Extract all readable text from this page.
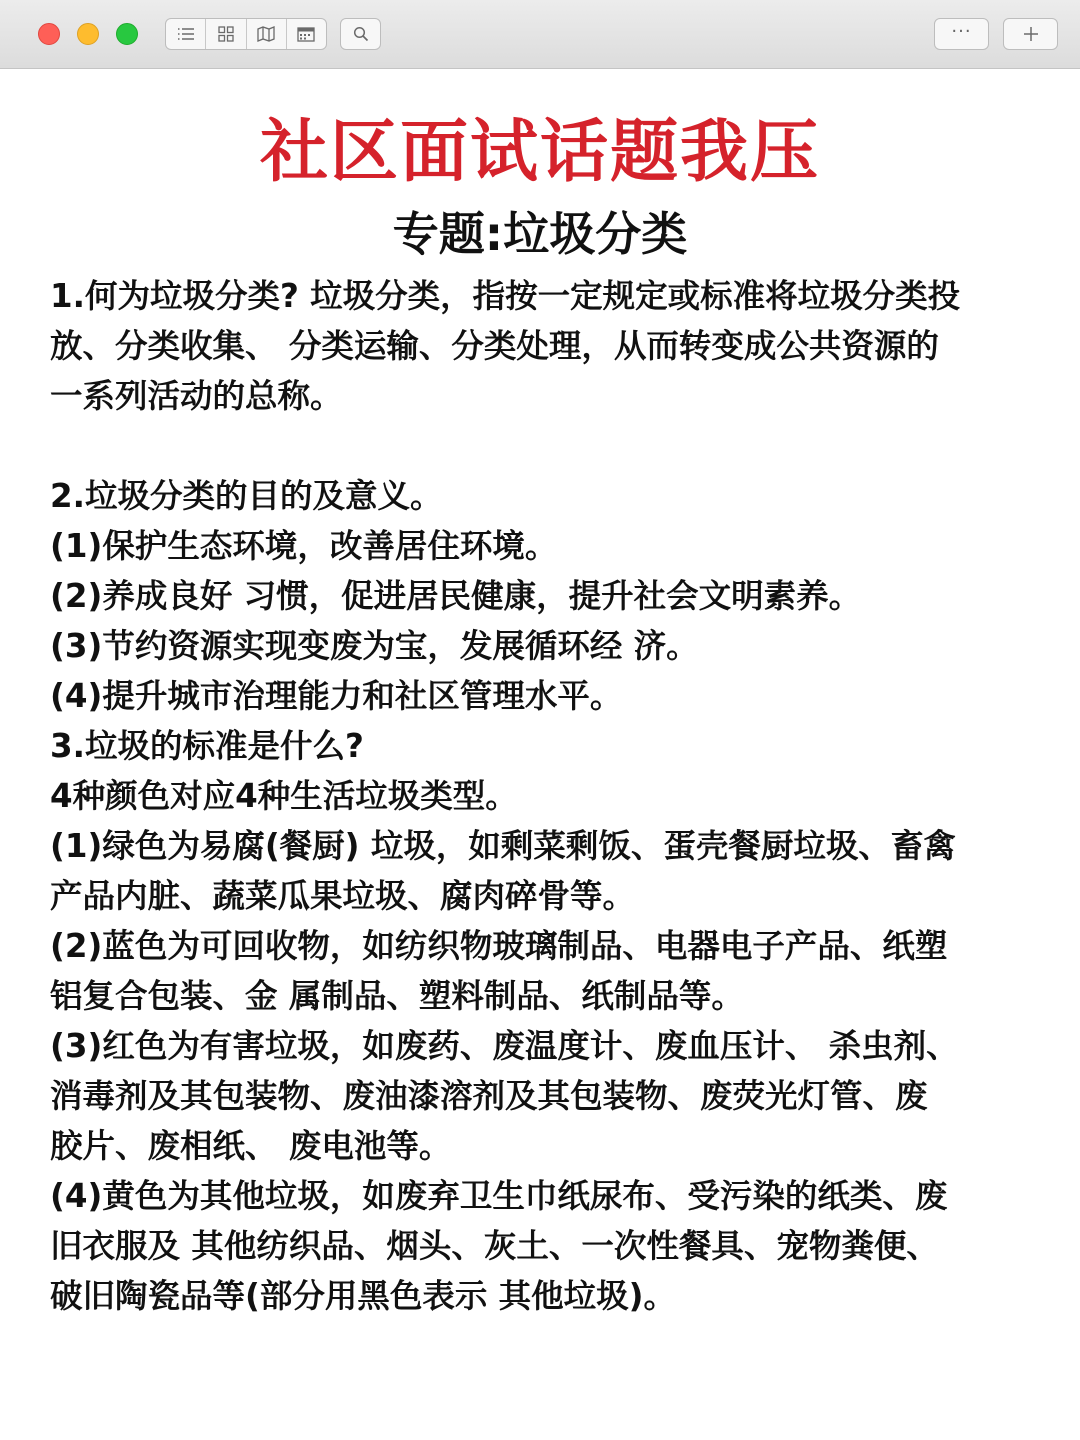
···
社区面试话题我压
专题:垃圾分类

1.何为垃圾分类? 垃圾分类，指按一定规定或标准将垃圾分类投

放、分类收集、 分类运输、分类处理，从而转变成公共资源的

一系列活动的总称。

2.垃圾分类的目的及意义。

(1)保护生态环境，改善居住环境。

(2)养成良好 习惯，促进居民健康，提升社会文明素养。

(3)节约资源实现变废为宝，发展循环经 济。

(4)提升城市治理能力和社区管理水平。

3.垃圾的标准是什么?

4种颜色对应4种生活垃圾类型。

(1)绿色为易腐(餐厨) 垃圾，如剩菜剩饭、蛋壳餐厨垃圾、畜禽

产品内脏、蔬菜瓜果垃圾、腐肉碎骨等。

(2)蓝色为可回收物，如纺织物玻璃制品、电器电子产品、纸塑

铝复合包装、金 属制品、塑料制品、纸制品等。

(3)红色为有害垃圾，如废药、废温度计、废血压计、 杀虫剂、

消毒剂及其包装物、废油漆溶剂及其包装物、废荧光灯管、废

胶片、废相纸、 废电池等。

(4)黄色为其他垃圾，如废弃卫生巾纸尿布、受污染的纸类、废

旧衣服及 其他纺织品、烟头、灰土、一次性餐具、宠物粪便、

破旧陶瓷品等(部分用黑色表示 其他垃圾)。
